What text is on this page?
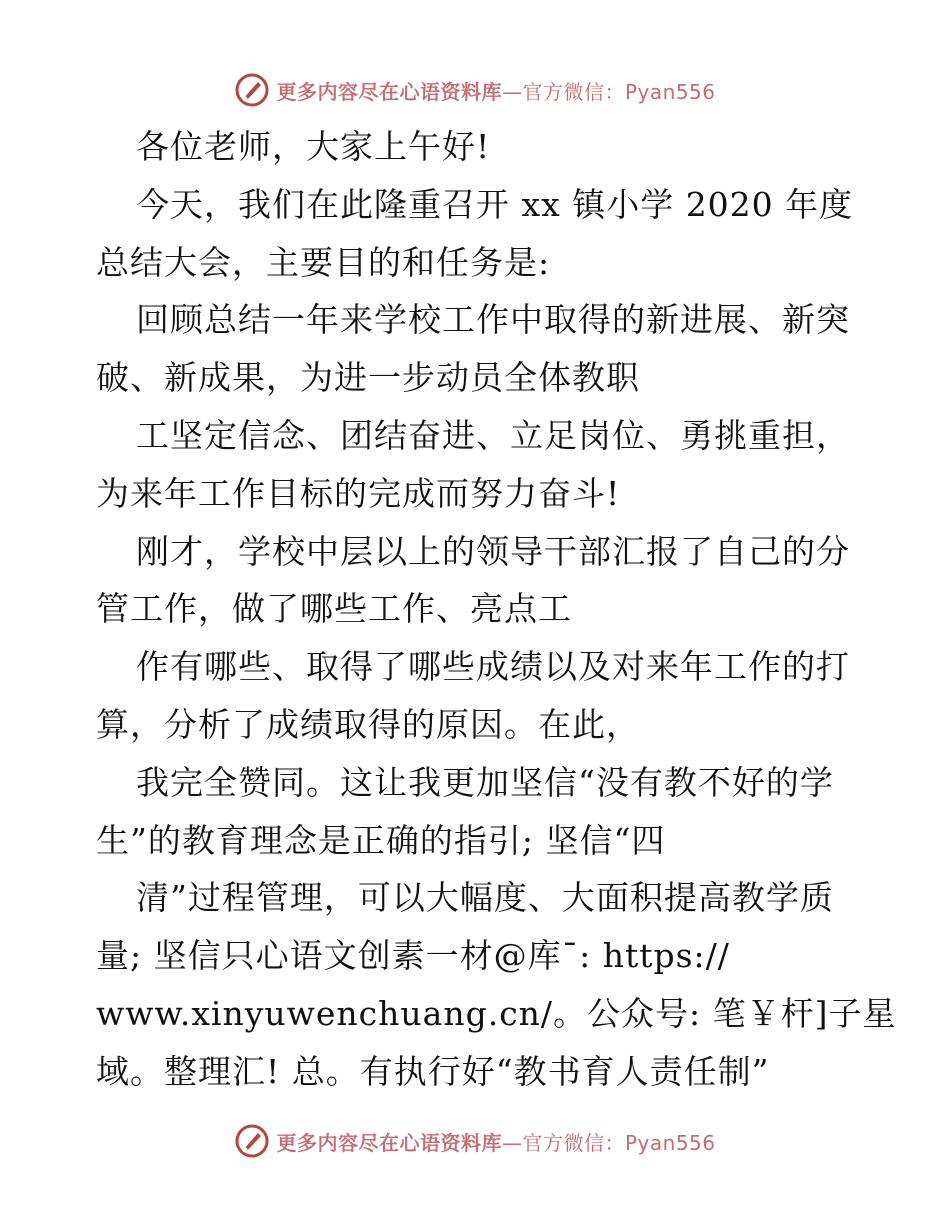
更多内容尽在心语资料库—官方微信：Pyan556
各位老师，大家上午好!
今天，我们在此隆重召开 xx 镇小学 2020 年度
总结大会，主要目的和任务是:
回顾总结一年来学校工作中取得的新进展、新突
破、新成果，为进一步动员全体教职
工坚定信念、团结奋进、立足岗位、勇挑重担，
为来年工作目标的完成而努力奋斗!
刚才，学校中层以上的领导干部汇报了自己的分
管工作，做了哪些工作、亮点工
作有哪些、取得了哪些成绩以及对来年工作的打
算，分析了成绩取得的原因。在此，
我完全赞同。这让我更加坚信“没有教不好的学
生”的教育理念是正确的指引; 坚信“四
清”过程管理，可以大幅度、大面积提高教学质
量; 坚信只心语文创素一材@库¯: https://
www.xinyuwenchuang.cn/。公众号: 笔￥杆]子星
域。整理汇! 总。有执行好“教书育人责任制”
更多内容尽在心语资料库—官方微信：Pyan556
